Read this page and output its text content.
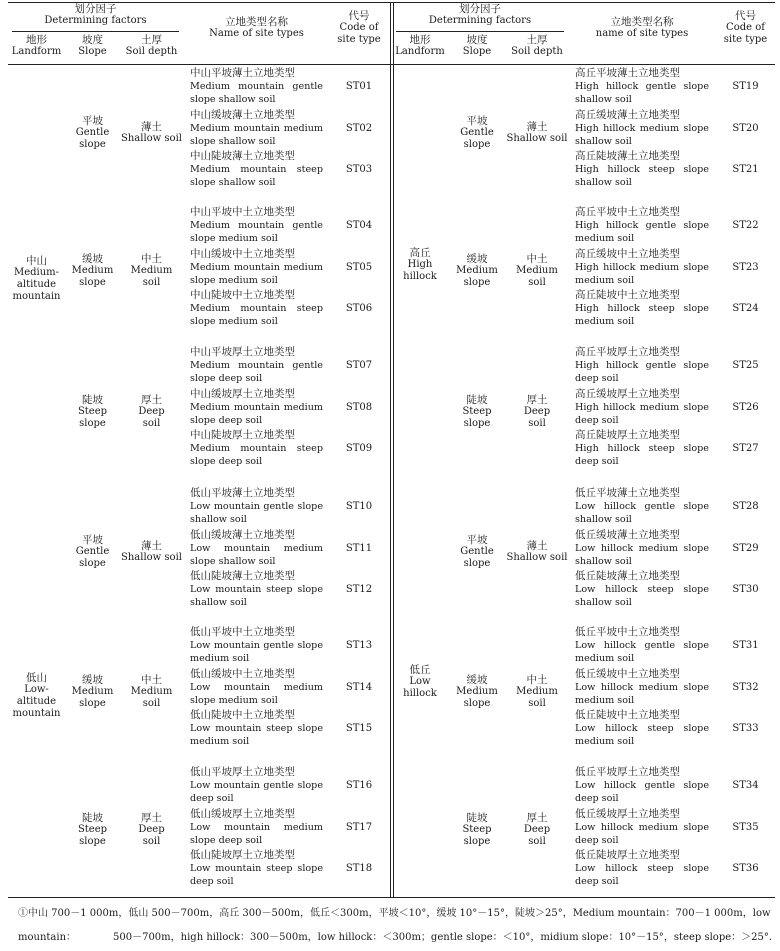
划分因子
Determining factors
地形
Landform
坡度
Slope
土厚
Soil depth
立地类型名称
Name of site types
代号
Code of
site type
划分因子
Determining factors
地形
Landform
坡度
Slope
土厚
Soil depth
立地类型名称
name of site types
代号
Code of
site type
中山
Medium-altitude
mountain
低山
Low-altitude
mountain
高丘
High hillock
低丘
Low hillock
平坡
Gentle
slope
薄土
Shallow soil
平坡
Gentle
slope
薄土
Shallow soil
缓坡
Medium
slope
中土
Medium
soil
缓坡
Medium
slope
中土
Medium
soil
陡坡
Steep
slope
厚土
Deep
soil
陡坡
Steep
slope
厚土
Deep
soil
平坡
Gentle
slope
薄土
Shallow soil
平坡
Gentle
slope
薄土
Shallow soil
缓坡
Medium
slope
中土
Medium
soil
缓坡
Medium
slope
中土
Medium
soil
陡坡
Steep
slope
厚土
Deep
soil
陡坡
Steep
slope
厚土
Deep
soil
中山平坡薄土立地类型
Medium mountain gentle slope shallow soil
ST01
中山缓坡薄土立地类型
Medium mountain medium slope shallow soil
ST02
中山陡坡薄土立地类型
Medium mountain steep slope shallow soil
ST03
中山平坡中土立地类型
Medium mountain gentle slope medium soil
ST04
中山缓坡中土立地类型
Medium mountain medium slope medium soil
ST05
中山陡坡中土立地类型
Medium mountain steep slope medium soil
ST06
中山平坡厚土立地类型
Medium mountain gentle slope deep soil
ST07
中山缓坡厚土立地类型
Medium mountain medium slope deep soil
ST08
中山陡坡厚土立地类型
Medium mountain steep slope deep soil
ST09
低山平坡薄土立地类型
Low mountain gentle slope shallow soil
ST10
低山缓坡薄土立地类型
Low mountain medium slope shallow soil
ST11
低山陡坡薄土立地类型
Low mountain steep slope shallow soil
ST12
低山平坡中土立地类型
Low mountain gentle slope medium soil
ST13
低山缓坡中土立地类型
Low mountain medium slope medium soil
ST14
低山陡坡中土立地类型
Low mountain steep slope medium soil
ST15
低山平坡厚土立地类型
Low mountain gentle slope deep soil
ST16
低山缓坡厚土立地类型
Low mountain medium slope deep soil
ST17
低山陡坡厚土立地类型
Low mountain steep slope deep soil
ST18
高丘平坡薄土立地类型
High hillock gentle slope shallow soil
ST19
高丘缓坡薄土立地类型
High hillock medium slope shallow soil
ST20
高丘陡坡薄土立地类型
High hillock steep slope shallow soil
ST21
高丘平坡中土立地类型
High hillock gentle slope medium soil
ST22
高丘缓坡中土立地类型
High hillock medium slope medium soil
ST23
高丘陡坡中土立地类型
High hillock steep slope medium soil
ST24
高丘平坡厚土立地类型
High hillock gentle slope deep soil
ST25
高丘缓坡厚土立地类型
High hillock medium slope deep soil
ST26
高丘陡坡厚土立地类型
High hillock steep slope deep soil
ST27
低丘平坡薄土立地类型
Low hillock gentle slope shallow soil
ST28
低丘缓坡薄土立地类型
Low hillock medium slope shallow soil
ST29
低丘陡坡薄土立地类型
Low hillock steep slope shallow soil
ST30
低丘平坡中土立地类型
Low hillock gentle slope medium soil
ST31
低丘缓坡中土立地类型
Low hillock medium slope medium soil
ST32
低丘陡坡中土立地类型
Low hillock steep slope medium soil
ST33
低丘平坡厚土立地类型
Low hillock gentle slope deep soil
ST34
低丘缓坡厚土立地类型
Low hillock medium slope deep soil
ST35
低丘陡坡厚土立地类型
Low hillock steep slope deep soil
ST36
①中山 700－1 000m，低山 500－700m，高丘 300－500m，低丘＜300m，平坡＜10°，缓坡 10°－15°，陡坡＞25°，Medium mountain：700－1 000m，low mountain：	500－700m，high hillock：300－500m，low hillock：＜300m；gentle slope：＜10°，midium slope：10°－15°，steep slope：＞25°.
